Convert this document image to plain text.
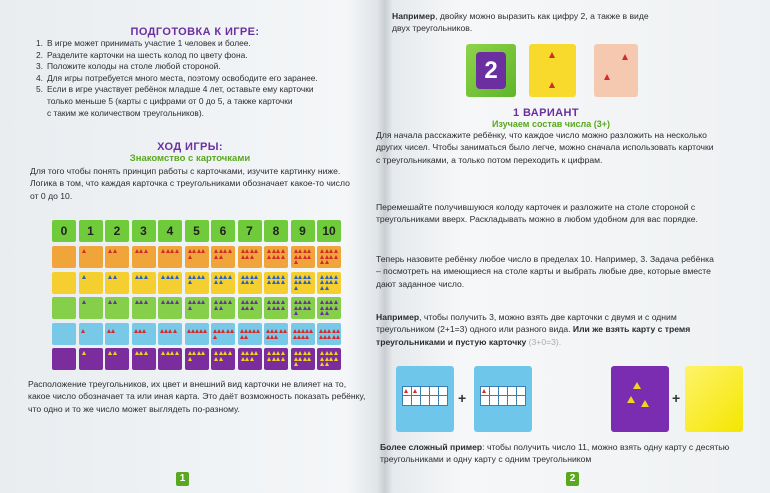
ПОДГОТОВКА К ИГРЕ:
1. В игре может принимать участие 1 человек и более.
2. Разделите карточки на шесть колод по цвету фона.
3. Положите колоды на столе любой стороной.
4. Для игры потребуется много места, поэтому освободите его заранее.
5. Если в игре участвует ребёнок младше 4 лет, оставьте ему карточки
только меньше 5 (карты с цифрами от 0 до 5, а также карточки
с таким же количеством треугольников).
ХОД ИГРЫ:
Знакомство с карточками
Для того чтобы понять принцип работы с карточками, изучите картинку ниже. Логика в том, что каждая карточка с треугольниками обозначает какое-то число от 0 до 10.
0	1	2	3	4	5	6	7	8	9	10
Расположение треугольников, их цвет и внешний вид карточки не влияет на то, какое число обозначает та или иная карта. Это даёт возможность показать ребёнку, что одно и то же число может выглядеть по-разному.
1
Например, двойку можно выразить как цифру 2, а также в виде двух треугольников.
2
1 ВАРИАНТ
Изучаем состав числа (3+)
Для начала расскажите ребёнку, что каждое число можно разложить на несколько других чисел. Чтобы заниматься было легче, можно сначала использовать карточки с треугольниками, а только потом переходить к цифрам.
Перемешайте получившуюся колоду карточек и разложите на столе стороной с треугольниками вверх. Раскладывать можно в любом удобном для вас порядке.
Теперь назовите ребёнку любое число в пределах 10. Например, 3. Задача ребёнка – посмотреть на имеющиеся на столе карты и выбрать любые две, которые вместе дают заданное число.
Например, чтобы получить 3, можно взять две карточки с двумя и с одним треугольником (2+1=3) одного или разного вида. Или же взять карту с тремя треугольниками и пустую карточку (3+0=3).
+	+
Более сложный пример: чтобы получить число 11, можно взять одну карту с десятью треугольниками и одну карту с одним треугольником
2
